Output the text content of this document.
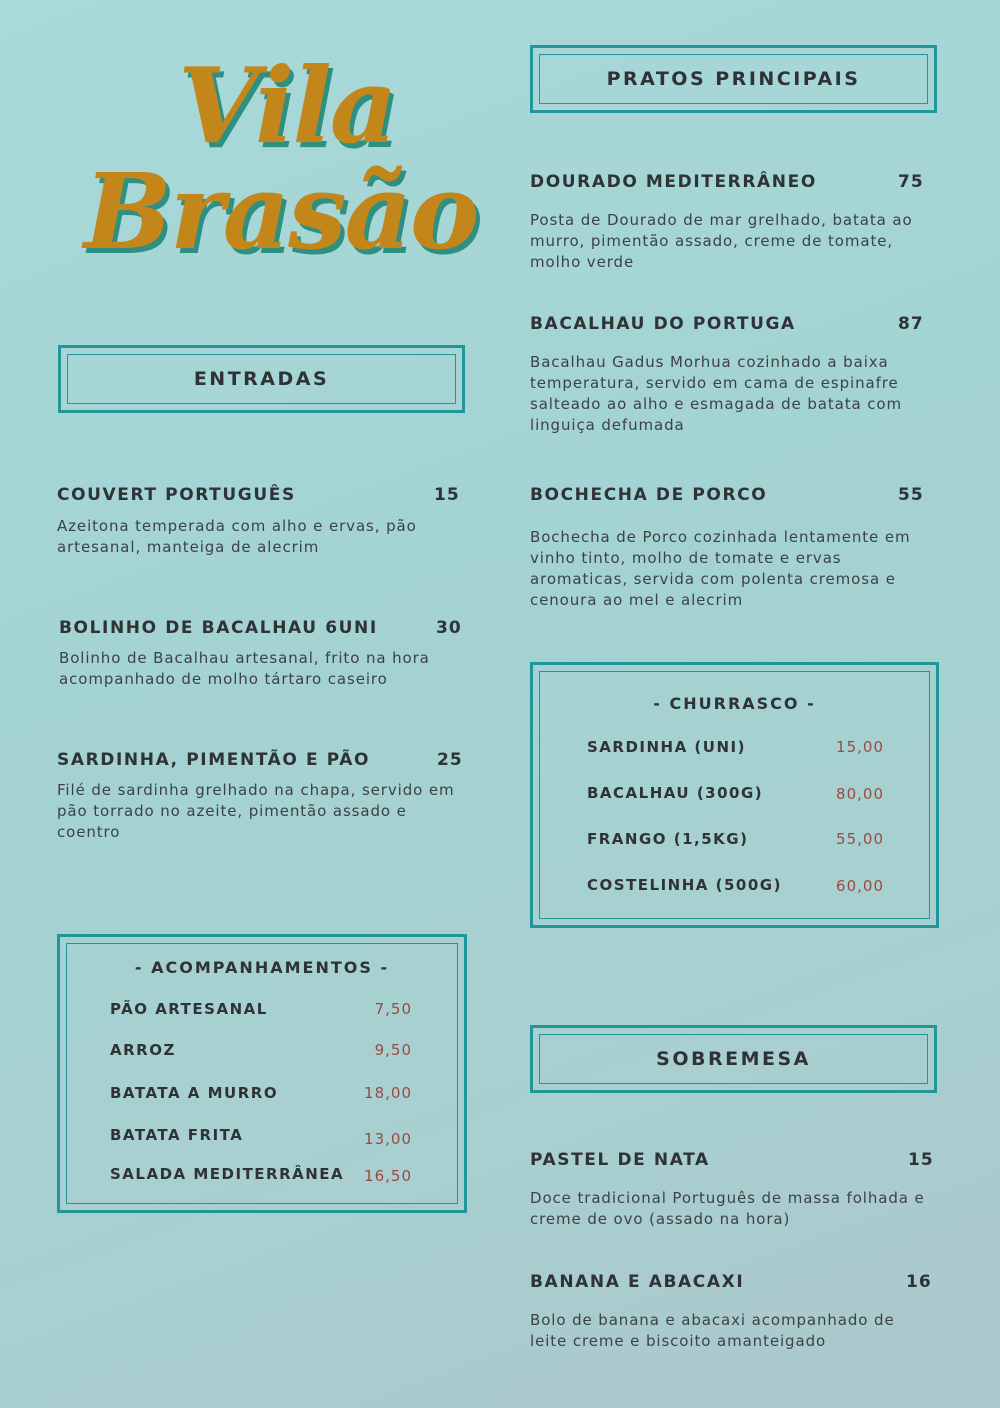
Vila
Brasão
ENTRADAS
COUVERT PORTUGUÊS	15
Azeitona temperada com alho e ervas, pão artesanal, manteiga de alecrim
BOLINHO DE BACALHAU 6UNI	30
Bolinho de Bacalhau artesanal, frito na hora acompanhado de molho tártaro caseiro
SARDINHA, PIMENTÃO E PÃO	25
Filé de sardinha grelhado na chapa, servido em pão torrado no azeite, pimentão assado e coentro
- ACOMPANHAMENTOS -
PÃO ARTESANAL	7,50
ARROZ	9,50
BATATA A MURRO	18,00
BATATA FRITA	13,00
SALADA MEDITERRÂNEA 16,50
PRATOS PRINCIPAIS
DOURADO MEDITERRÂNEO	75
Posta de Dourado de mar grelhado, batata ao murro, pimentão assado, creme de tomate, molho verde
BACALHAU DO PORTUGA	87
Bacalhau Gadus Morhua cozinhado a baixa temperatura, servido em cama de espinafre salteado ao alho e esmagada de batata com linguiça defumada
BOCHECHA DE PORCO	55
Bochecha de Porco cozinhada lentamente em vinho tinto, molho de tomate e ervas aromaticas, servida com polenta cremosa e cenoura ao mel e alecrim
- CHURRASCO -
SARDINHA (UNI)	15,00
BACALHAU (300G)	80,00
FRANGO (1,5KG)	55,00
COSTELINHA (500G)	60,00
SOBREMESA
PASTEL DE NATA	15
Doce tradicional Português de massa folhada e creme de ovo (assado na hora)
BANANA E ABACAXI	16
Bolo de banana e abacaxi acompanhado de leite creme e biscoito amanteigado
